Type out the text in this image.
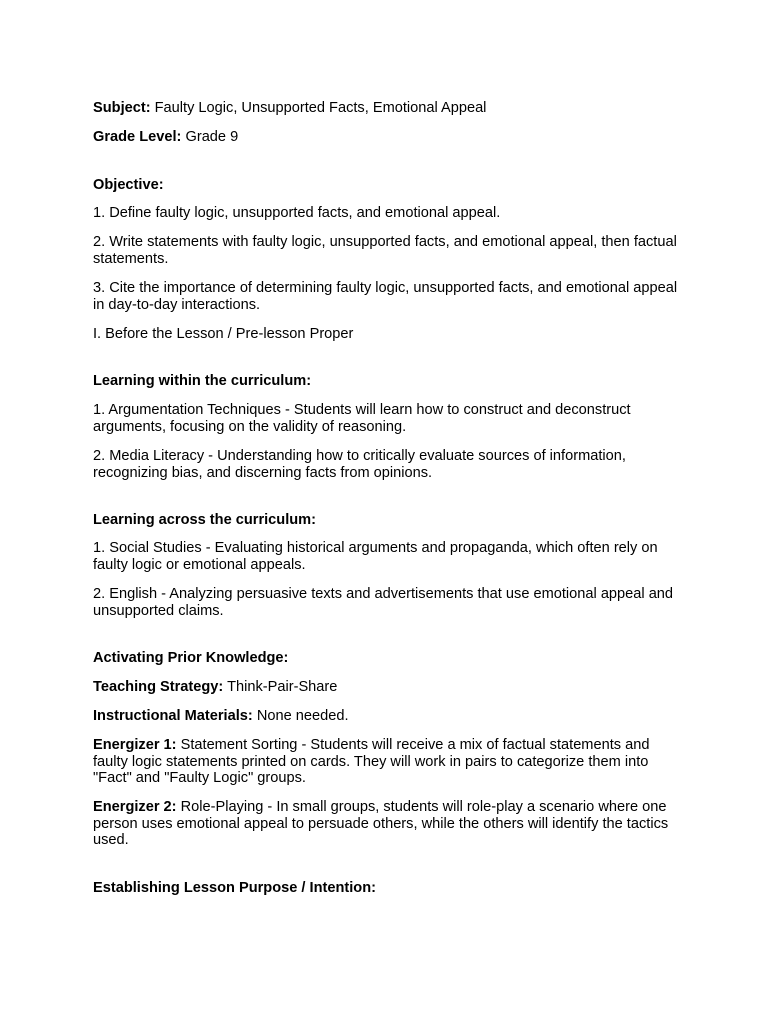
Subject: Faulty Logic, Unsupported Facts, Emotional Appeal

Grade Level: Grade 9

Objective:

1. Define faulty logic, unsupported facts, and emotional appeal.

2. Write statements with faulty logic, unsupported facts, and emotional appeal, then factual statements.

3. Cite the importance of determining faulty logic, unsupported facts, and emotional appeal in day-to-day interactions.

I. Before the Lesson / Pre-lesson Proper

Learning within the curriculum:

1. Argumentation Techniques - Students will learn how to construct and deconstruct arguments, focusing on the validity of reasoning.

2. Media Literacy - Understanding how to critically evaluate sources of information, recognizing bias, and discerning facts from opinions.

Learning across the curriculum:

1. Social Studies - Evaluating historical arguments and propaganda, which often rely on faulty logic or emotional appeals.

2. English - Analyzing persuasive texts and advertisements that use emotional appeal and unsupported claims.

Activating Prior Knowledge:

Teaching Strategy: Think-Pair-Share

Instructional Materials: None needed.

Energizer 1: Statement Sorting - Students will receive a mix of factual statements and faulty logic statements printed on cards. They will work in pairs to categorize them into "Fact" and "Faulty Logic" groups.

Energizer 2: Role-Playing - In small groups, students will role-play a scenario where one person uses emotional appeal to persuade others, while the others will identify the tactics used.

Establishing Lesson Purpose / Intention:
